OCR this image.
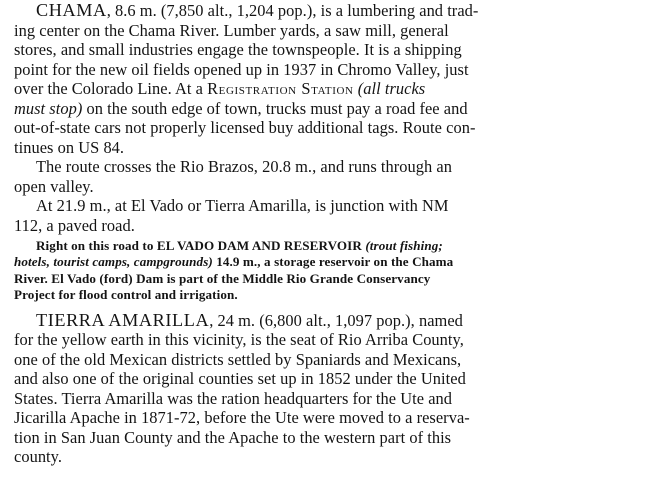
CHAMA, 8.6 m. (7,850 alt., 1,204 pop.), is a lumbering and trad-
ing center on the Chama River. Lumber yards, a saw mill, general
stores, and small industries engage the townspeople. It is a shipping
point for the new oil fields opened up in 1937 in Chromo Valley, just
over the Colorado Line. At a Registration Station (all trucks
must stop) on the south edge of town, trucks must pay a road fee and
out-of-state cars not properly licensed buy additional tags. Route con-
tinues on US 84.
The route crosses the Rio Brazos, 20.8 m., and runs through an
open valley.
At 21.9 m., at El Vado or Tierra Amarilla, is junction with NM
112, a paved road.
Right on this road to EL VADO DAM AND RESERVOIR (trout fishing;
hotels, tourist camps, campgrounds) 14.9 m., a storage reservoir on the Chama
River. El Vado (ford) Dam is part of the Middle Rio Grande Conservancy
Project for flood control and irrigation.
TIERRA AMARILLA, 24 m. (6,800 alt., 1,097 pop.), named
for the yellow earth in this vicinity, is the seat of Rio Arriba County,
one of the old Mexican districts settled by Spaniards and Mexicans,
and also one of the original counties set up in 1852 under the United
States. Tierra Amarilla was the ration headquarters for the Ute and
Jicarilla Apache in 1871-72, before the Ute were moved to a reserva-
tion in San Juan County and the Apache to the western part of this
county.
